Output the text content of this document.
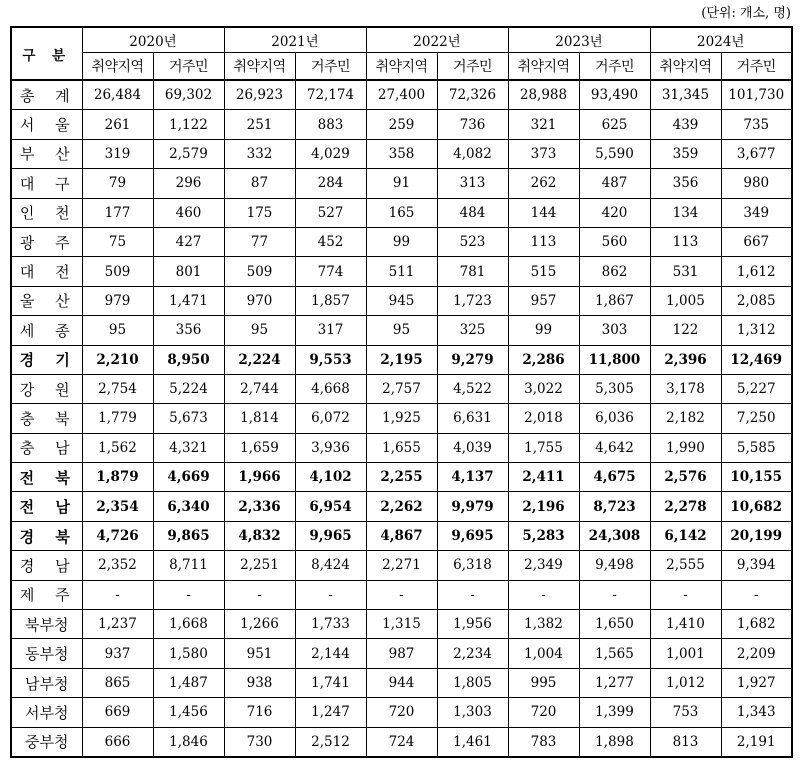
(단위: 개소, 명)
구 분	2020년		2021년		2022년		2023년		2024년	
	취약지역	거주민	취약지역	거주민	취약지역	거주민	취약지역	거주민	취약지역	거주민
총 계	26,484	69,302	26,923	72,174	27,400	72,326	28,988	93,490	31,345	101,730
서 울	261	1,122	251	883	259	736	321	625	439	735
부 산	319	2,579	332	4,029	358	4,082	373	5,590	359	3,677
대 구	79	296	87	284	91	313	262	487	356	980
인 천	177	460	175	527	165	484	144	420	134	349
광 주	75	427	77	452	99	523	113	560	113	667
대 전	509	801	509	774	511	781	515	862	531	1,612
울 산	979	1,471	970	1,857	945	1,723	957	1,867	1,005	2,085
세 종	95	356	95	317	95	325	99	303	122	1,312
경 기	2,210	8,950	2,224	9,553	2,195	9,279	2,286	11,800	2,396	12,469
강 원	2,754	5,224	2,744	4,668	2,757	4,522	3,022	5,305	3,178	5,227
충 북	1,779	5,673	1,814	6,072	1,925	6,631	2,018	6,036	2,182	7,250
충 남	1,562	4,321	1,659	3,936	1,655	4,039	1,755	4,642	1,990	5,585
전 북	1,879	4,669	1,966	4,102	2,255	4,137	2,411	4,675	2,576	10,155
전 남	2,354	6,340	2,336	6,954	2,262	9,979	2,196	8,723	2,278	10,682
경 북	4,726	9,865	4,832	9,965	4,867	9,695	5,283	24,308	6,142	20,199
경 남	2,352	8,711	2,251	8,424	2,271	6,318	2,349	9,498	2,555	9,394
제 주	-	-	-	-	-	-	-	-	-	-
북부청	1,237	1,668	1,266	1,733	1,315	1,956	1,382	1,650	1,410	1,682
동부청	937	1,580	951	2,144	987	2,234	1,004	1,565	1,001	2,209
남부청	865	1,487	938	1,741	944	1,805	995	1,277	1,012	1,927
서부청	669	1,456	716	1,247	720	1,303	720	1,399	753	1,343
중부청	666	1,846	730	2,512	724	1,461	783	1,898	813	2,191
